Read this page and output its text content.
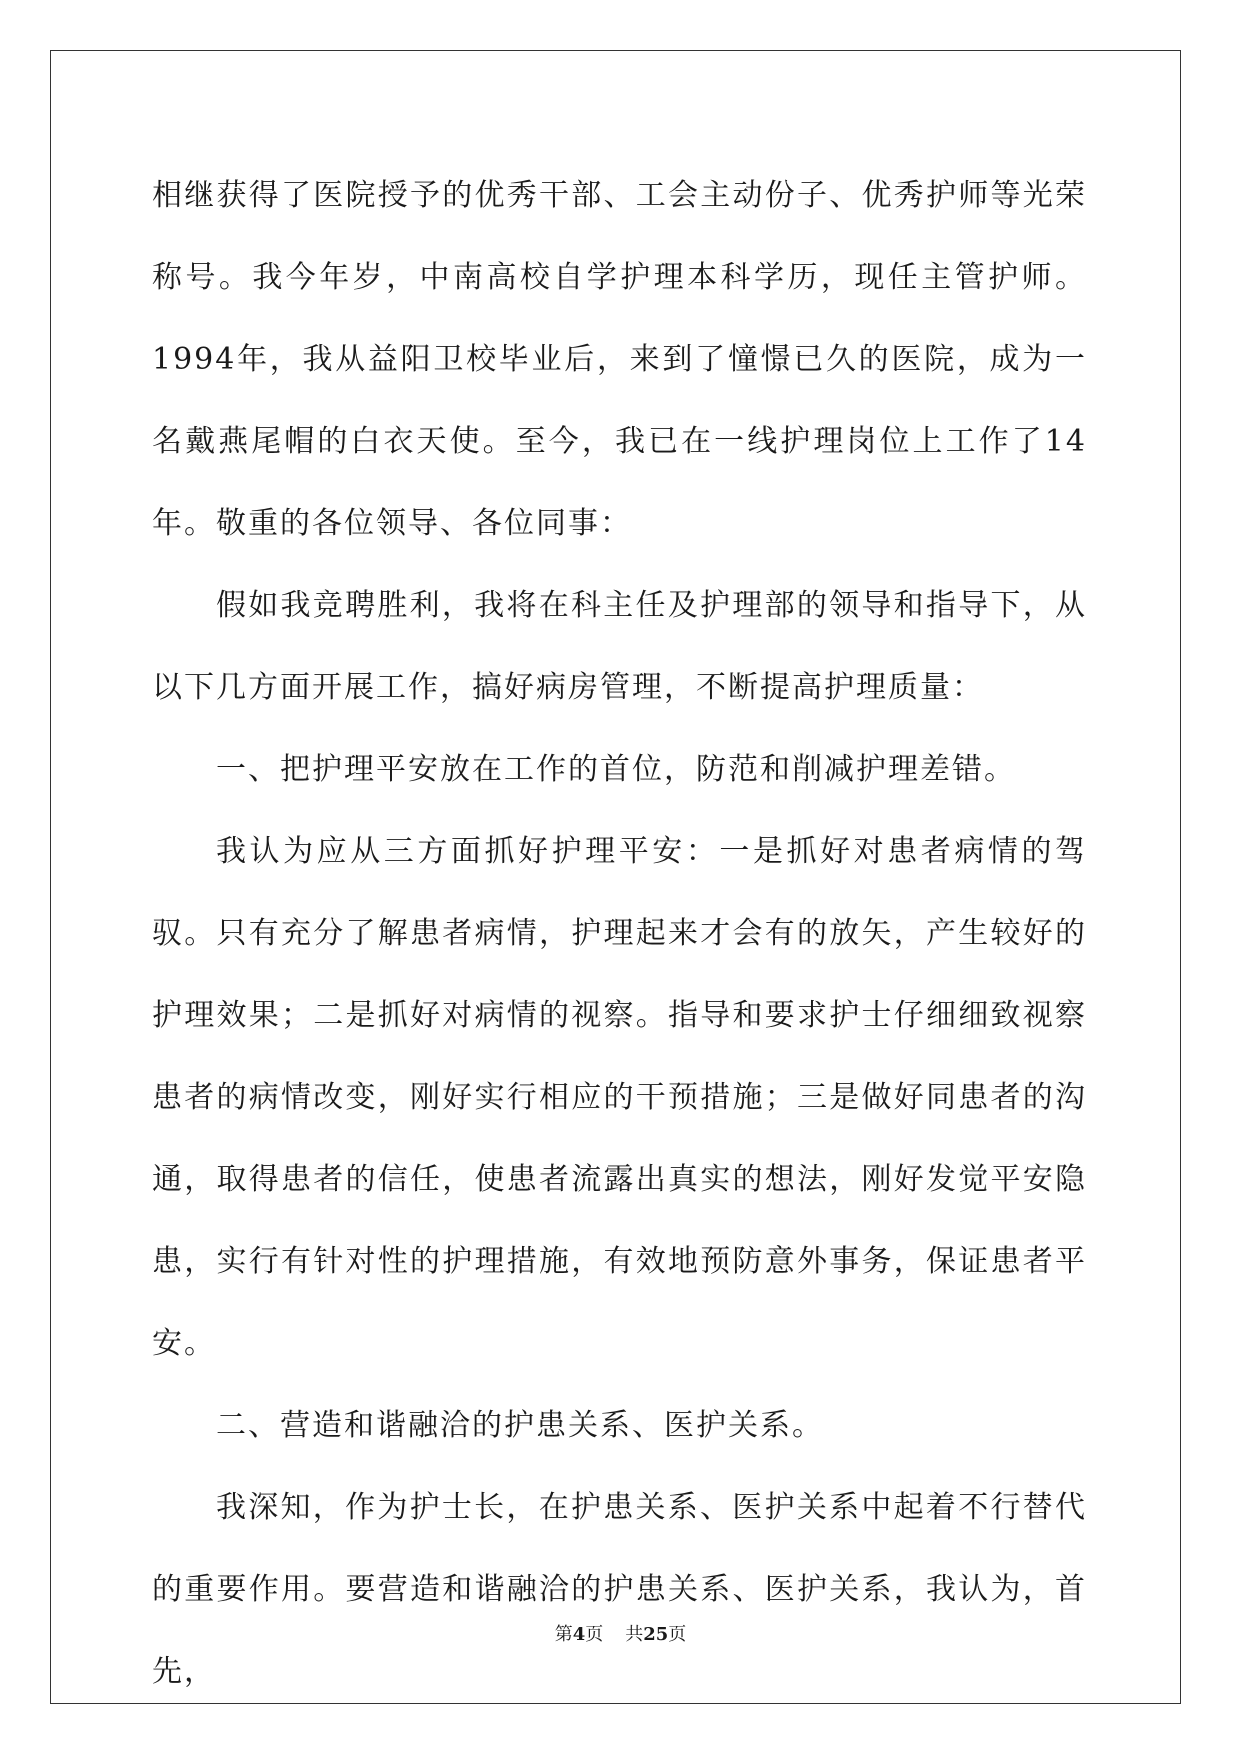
相继获得了医院授予的优秀干部、工会主动份子、优秀护师等光荣称号。我今年岁，中南高校自学护理本科学历，现任主管护师。1994年，我从益阳卫校毕业后，来到了憧憬已久的医院，成为一名戴燕尾帽的白衣天使。至今，我已在一线护理岗位上工作了14年。敬重的各位领导、各位同事：

假如我竞聘胜利，我将在科主任及护理部的领导和指导下，从以下几方面开展工作，搞好病房管理，不断提高护理质量：

一、把护理平安放在工作的首位，防范和削减护理差错。

我认为应从三方面抓好护理平安：一是抓好对患者病情的驾驭。只有充分了解患者病情，护理起来才会有的放矢，产生较好的护理效果；二是抓好对病情的视察。指导和要求护士仔细细致视察患者的病情改变，刚好实行相应的干预措施；三是做好同患者的沟通，取得患者的信任，使患者流露出真实的想法，刚好发觉平安隐患，实行有针对性的护理措施，有效地预防意外事务，保证患者平安。

二、营造和谐融洽的护患关系、医护关系。

我深知，作为护士长，在护患关系、医护关系中起着不行替代的重要作用。要营造和谐融洽的护患关系、医护关系，我认为，首先，

第4页 共25页
